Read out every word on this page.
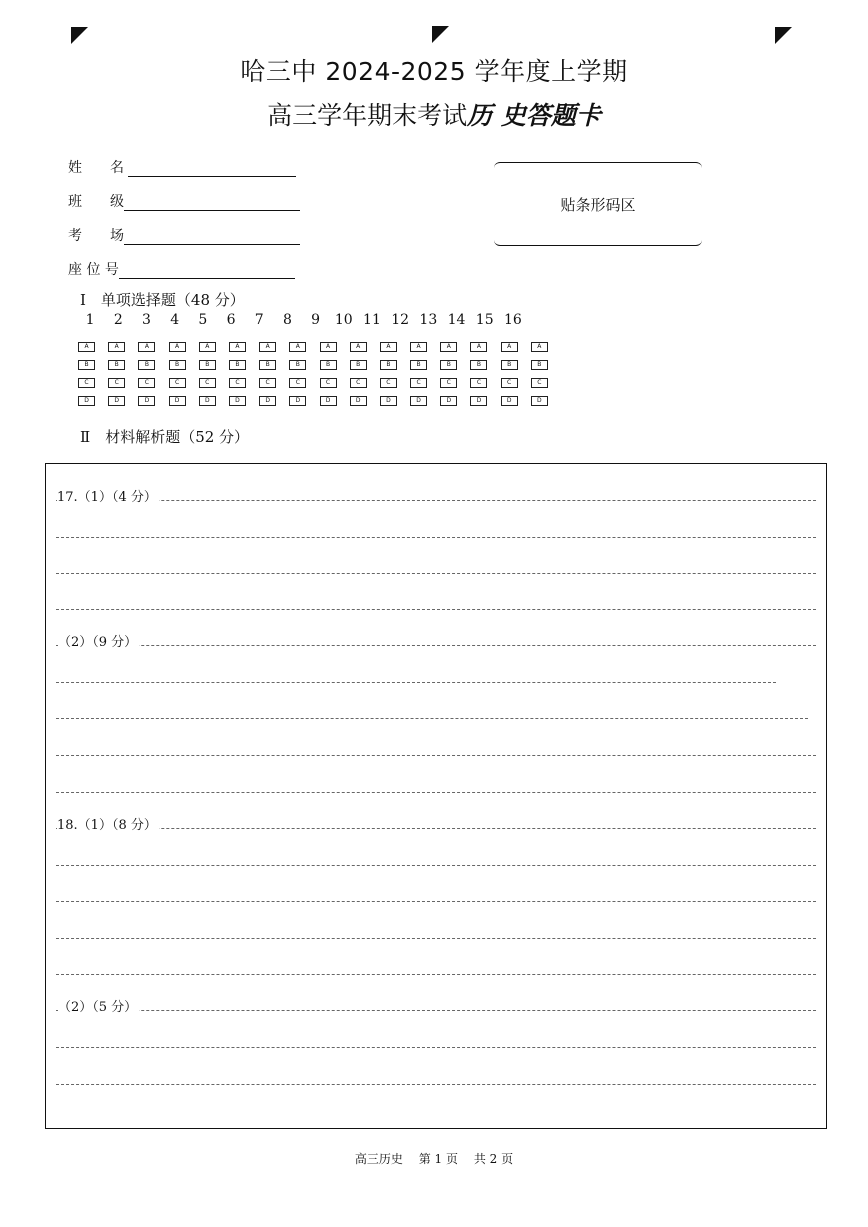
哈三中 2024-2025 学年度上学期
高三学年期末考试历 史答题卡
姓　　名
班　　级
考　　场
座 位 号
贴条形码区
Ⅰ　单项选择题（48 分）
1	2	3	4	5	6	7	8	9	10 11 12 13 14 15 16
A	A	A	A	A	A	A	A	A	A	A	A	A	A	A	A
B	B	B	B	B	B	B	B	B	B	B	B	B	B	B	B
C	C	C	C	C	C	C	C	C	C	C	C	C	C	C	C
D	D	D	D	D	D	D	D	D	D	D	D	D	D	D	D
Ⅱ　材料解析题（52 分）
17.（1）（4 分）
（2）（9 分）
18.（1）（8 分）
（2）（5 分）
高三历史 第 1 页 共 2 页
